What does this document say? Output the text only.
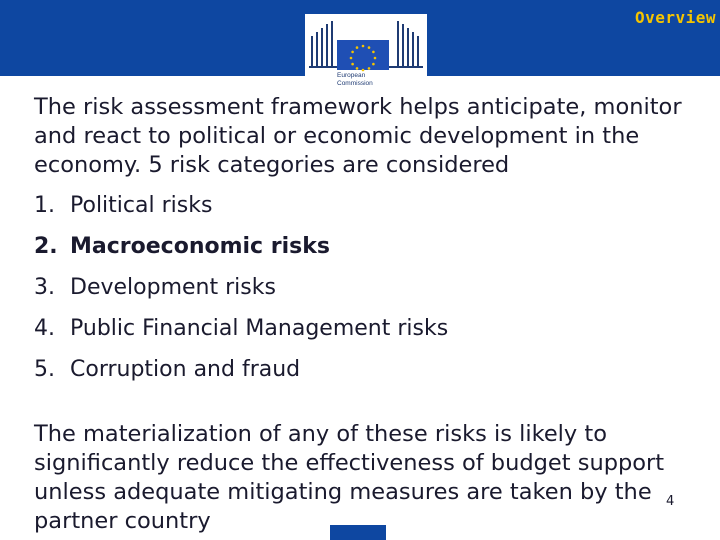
Overview
European
Commission

The risk assessment framework helps anticipate, monitor and react to political or economic development in the economy. 5 risk categories are considered

1. Political risks
2. Macroeconomic risks
3. Development risks
4. Public Financial Management risks
5. Corruption and fraud

The materialization of any of these risks is likely to significantly reduce the effectiveness of budget support unless adequate mitigating measures are taken by the partner country

4
